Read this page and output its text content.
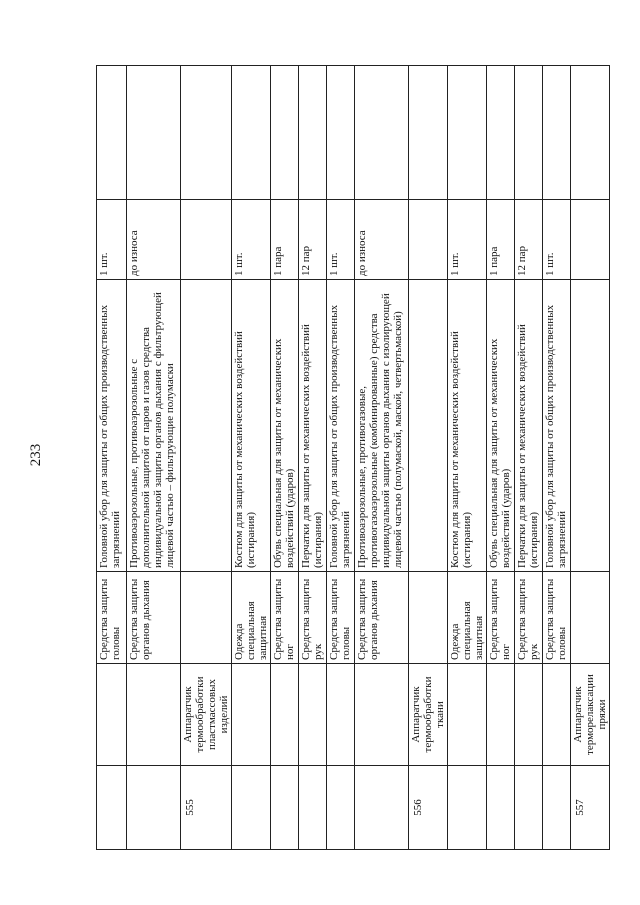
233
		Средства защиты головы	Головной убор для защиты от общих производственных загрязнений	1 шт.	
		Средства защиты органов дыхания	Противоаэрозольные, противоаэрозольные с дополнительной защитой от паров и газов средства индивидуальной защиты органов дыхания с фильтрующей лицевой частью – фильтрующие полумаски	до износа	
555	Аппаратчик термообработки пластмассовых изделий				
		Одежда специальная защитная	Костюм для защиты от механических воздействий (истирания)	1 шт.	
		Средства защиты ног	Обувь специальная для защиты от механических воздействий (ударов)	1 пара	
		Средства защиты рук	Перчатки для защиты от механических воздействий (истирания)	12 пар	
		Средства защиты головы	Головной убор для защиты от общих производственных загрязнений	1 шт.	
		Средства защиты органов дыхания	Противоаэрозольные, противогазовые, противогазоаэрозольные (комбинированные) средства индивидуальной защиты органов дыхания с изолирующей лицевой частью (полумаской, маской, четвертьмаской)	до износа	
556	Аппаратчик термообработки ткани				
		Одежда специальная защитная	Костюм для защиты от механических воздействий (истирания)	1 шт.	
		Средства защиты ног	Обувь специальная для защиты от механических воздействий (ударов)	1 пара	
		Средства защиты рук	Перчатки для защиты от механических воздействий (истирания)	12 пар	
		Средства защиты головы	Головной убор для защиты от общих производственных загрязнений	1 шт.	
557	Аппаратчик терморелаксации пряжи				
